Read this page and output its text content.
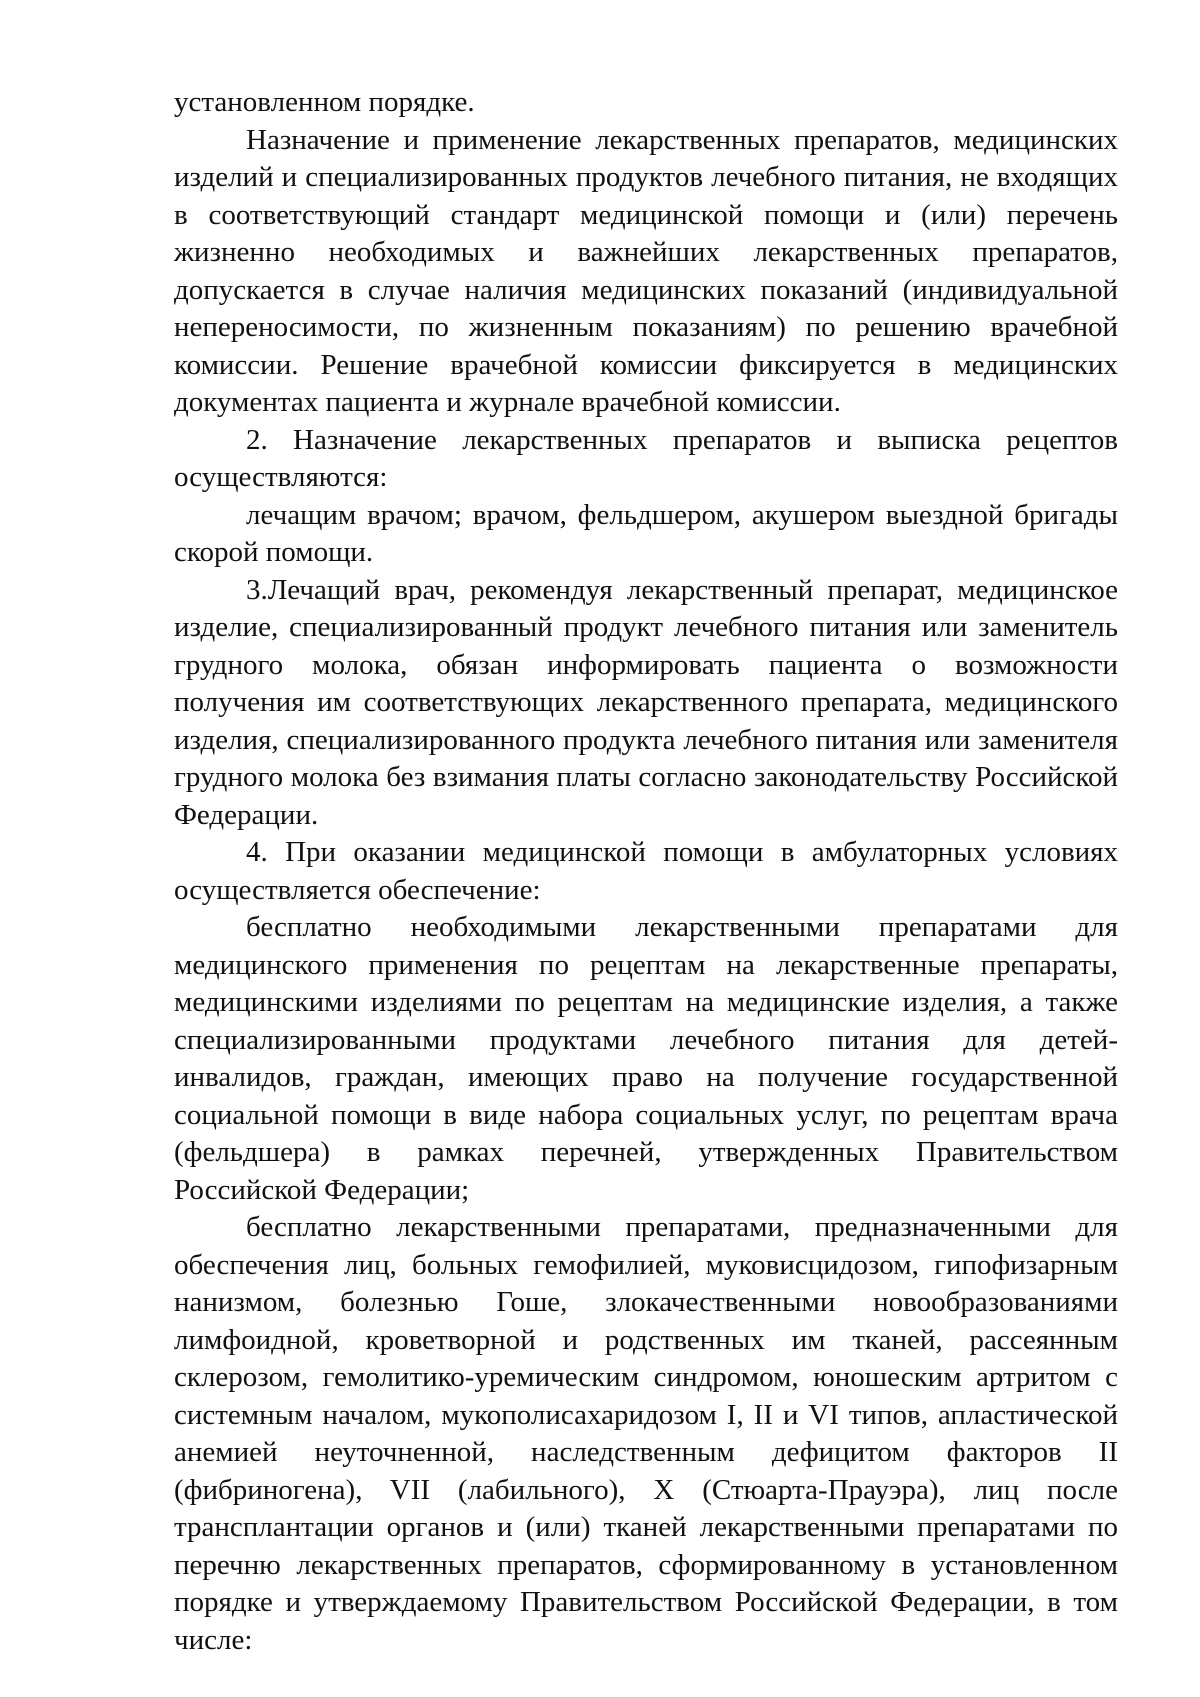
установленном порядке.

Назначение и применение лекарственных препаратов, медицинских изделий и специализированных продуктов лечебного питания, не входящих в соответствующий стандарт медицинской помощи и (или) перечень жизненно необходимых и важнейших лекарственных препаратов, допускается в случае наличия медицинских показаний (индивидуальной непереносимости, по жизненным показаниям) по решению врачебной комиссии. Решение врачебной комиссии фиксируется в медицинских документах пациента и журнале врачебной комиссии.

2. Назначение лекарственных препаратов и выписка рецептов осуществляются:

лечащим врачом; врачом, фельдшером, акушером выездной бригады скорой помощи.

3.Лечащий врач, рекомендуя лекарственный препарат, медицинское изделие, специализированный продукт лечебного питания или заменитель грудного молока, обязан информировать пациента о возможности получения им соответствующих лекарственного препарата, медицинского изделия, специализированного продукта лечебного питания или заменителя грудного молока без взимания платы согласно законодательству Российской Федерации.

4. При оказании медицинской помощи в амбулаторных условиях осуществляется обеспечение:

бесплатно необходимыми лекарственными препаратами для медицинского применения по рецептам на лекарственные препараты, медицинскими изделиями по рецептам на медицинские изделия, а также специализированными продуктами лечебного питания для детей-инвалидов, граждан, имеющих право на получение государственной социальной помощи в виде набора социальных услуг, по рецептам врача (фельдшера) в рамках перечней, утвержденных Правительством Российской Федерации;

бесплатно лекарственными препаратами, предназначенными для обеспечения лиц, больных гемофилией, муковисцидозом, гипофизарным нанизмом, болезнью Гоше, злокачественными новообразованиями лимфоидной, кроветворной и родственных им тканей, рассеянным склерозом, гемолитико-уремическим синдромом, юношеским артритом с системным началом, мукополисахаридозом I, II и VI типов, апластической анемией неуточненной, наследственным дефицитом факторов II (фибриногена), VII (лабильного), X (Стюарта-Прауэра), лиц после трансплантации органов и (или) тканей лекарственными препаратами по перечню лекарственных препаратов, сформированному в установленном порядке и утверждаемому Правительством Российской Федерации, в том числе:
